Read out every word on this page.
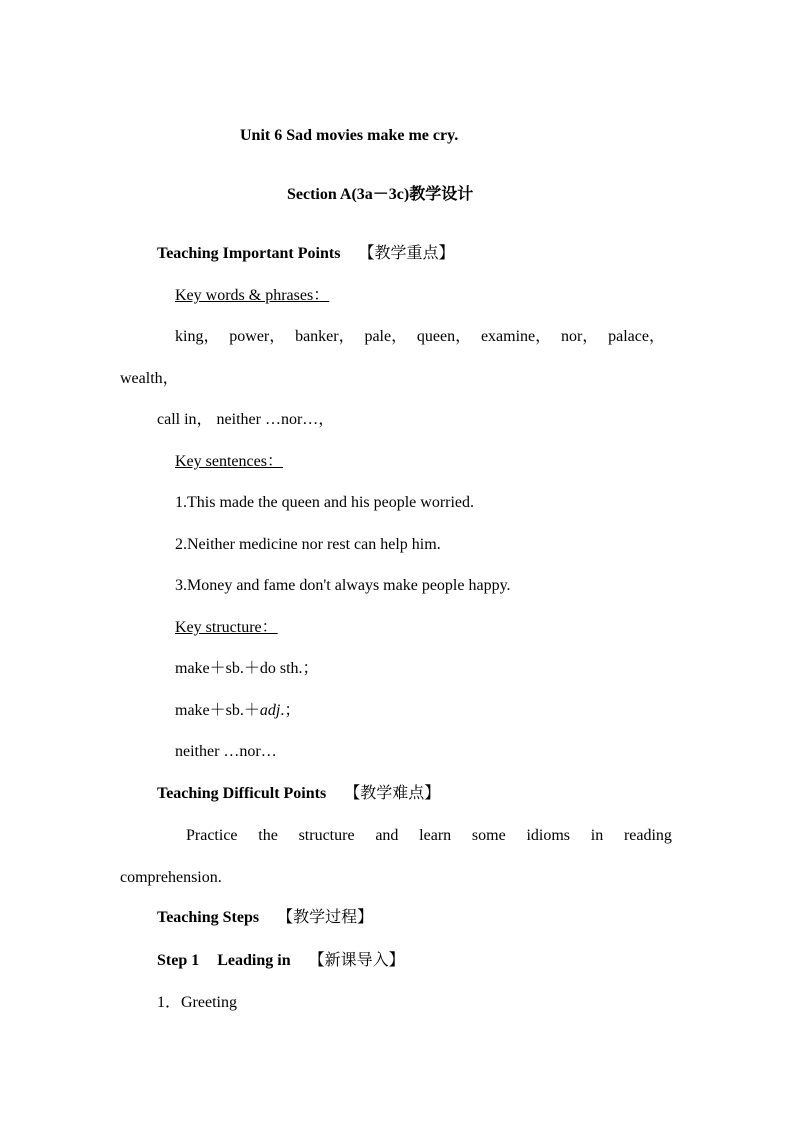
Unit 6 Sad movies make me cry.
Section A(3a－3c)教学设计
Teaching Important Points 【教学重点】
Key words & phrases：
king， power， banker， pale， queen， examine， nor， palace，
wealth，
call in， neither …nor…，
Key sentences：
1.This made the queen and his people worried.
2.Neither medicine nor rest can help him.
3.Money and fame don't always make people happy.
Key structure：
make＋sb.＋do sth.；
make＋sb.＋adj.；
neither …nor…
Teaching Difficult Points 【教学难点】
Practice the structure and learn some idioms in reading
comprehension.
Teaching Steps 【教学过程】
Step 1 Leading in 【新课导入】
1．Greeting
